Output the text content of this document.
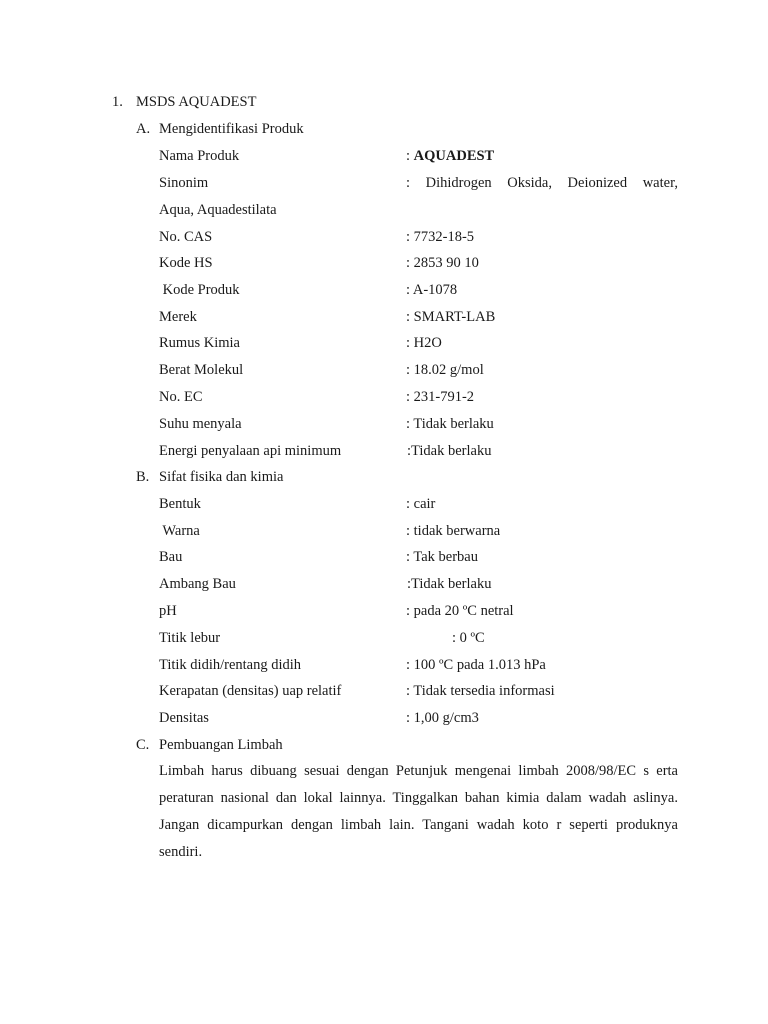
1. MSDS AQUADEST
A. Mengidentifikasi Produk
Nama Produk	: AQUADEST
Sinonim	: Dihidrogen Oksida, Deionized water,
Aqua, Aquadestilata
No. CAS	: 7732-18-5
Kode HS	: 2853 90 10
Kode Produk	: A-1078
Merek	: SMART-LAB
Rumus Kimia	: H2O
Berat Molekul	: 18.02 g/mol
No. EC	: 231-791-2
Suhu menyala	: Tidak berlaku
Energi penyalaan api minimum	:Tidak berlaku
B. Sifat fisika dan kimia
Bentuk	: cair
Warna	: tidak berwarna
Bau	: Tak berbau
Ambang Bau	:Tidak berlaku
pH	: pada 20 ºC netral
Titik lebur	: 0 ºC
Titik didih/rentang didih	: 100 ºC pada 1.013 hPa
Kerapatan (densitas) uap relatif	: Tidak tersedia informasi
Densitas	: 1,00 g/cm3
C. Pembuangan Limbah

Limbah harus dibuang sesuai dengan Petunjuk mengenai limbah 2008/98/EC s erta peraturan nasional dan lokal lainnya. Tinggalkan bahan kimia dalam wadah aslinya. Jangan dicampurkan dengan limbah lain. Tangani wadah koto r seperti produknya sendiri.
